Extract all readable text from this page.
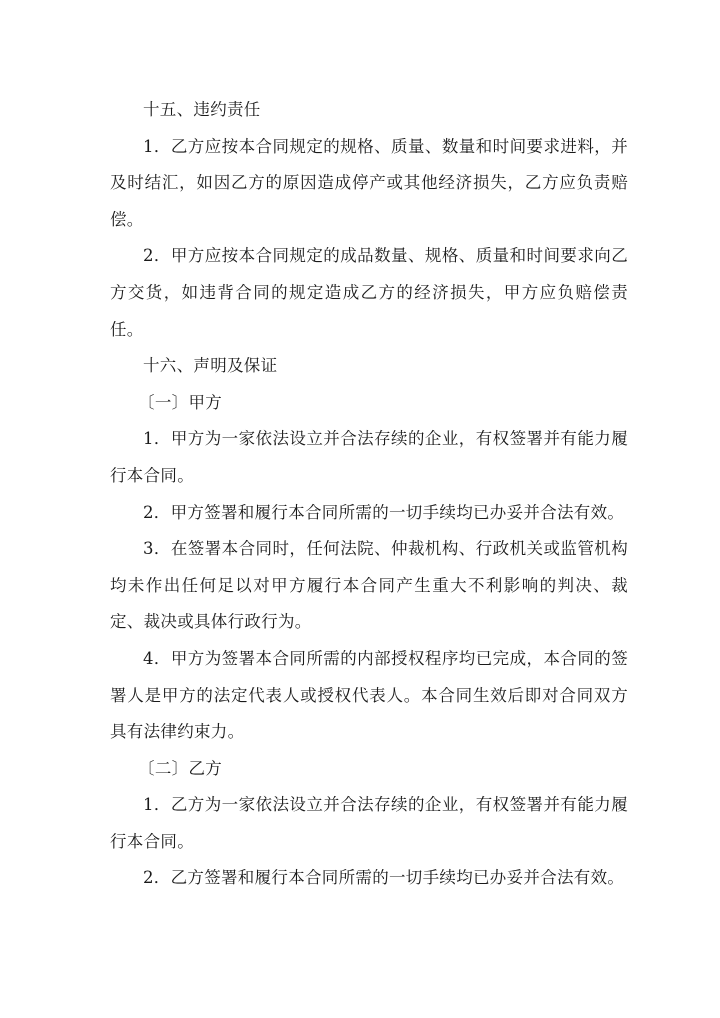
十五、违约责任

1．乙方应按本合同规定的规格、质量、数量和时间要求进料，并及时结汇，如因乙方的原因造成停产或其他经济损失，乙方应负责赔偿。

2．甲方应按本合同规定的成品数量、规格、质量和时间要求向乙方交货，如违背合同的规定造成乙方的经济损失，甲方应负赔偿责任。

十六、声明及保证

〔一〕甲方

1．甲方为一家依法设立并合法存续的企业，有权签署并有能力履行本合同。

2．甲方签署和履行本合同所需的一切手续均已办妥并合法有效。

3．在签署本合同时，任何法院、仲裁机构、行政机关或监管机构均未作出任何足以对甲方履行本合同产生重大不利影响的判决、裁定、裁决或具体行政行为。

4．甲方为签署本合同所需的内部授权程序均已完成，本合同的签署人是甲方的法定代表人或授权代表人。本合同生效后即对合同双方具有法律约束力。

〔二〕乙方

1．乙方为一家依法设立并合法存续的企业，有权签署并有能力履行本合同。

2．乙方签署和履行本合同所需的一切手续均已办妥并合法有效。
